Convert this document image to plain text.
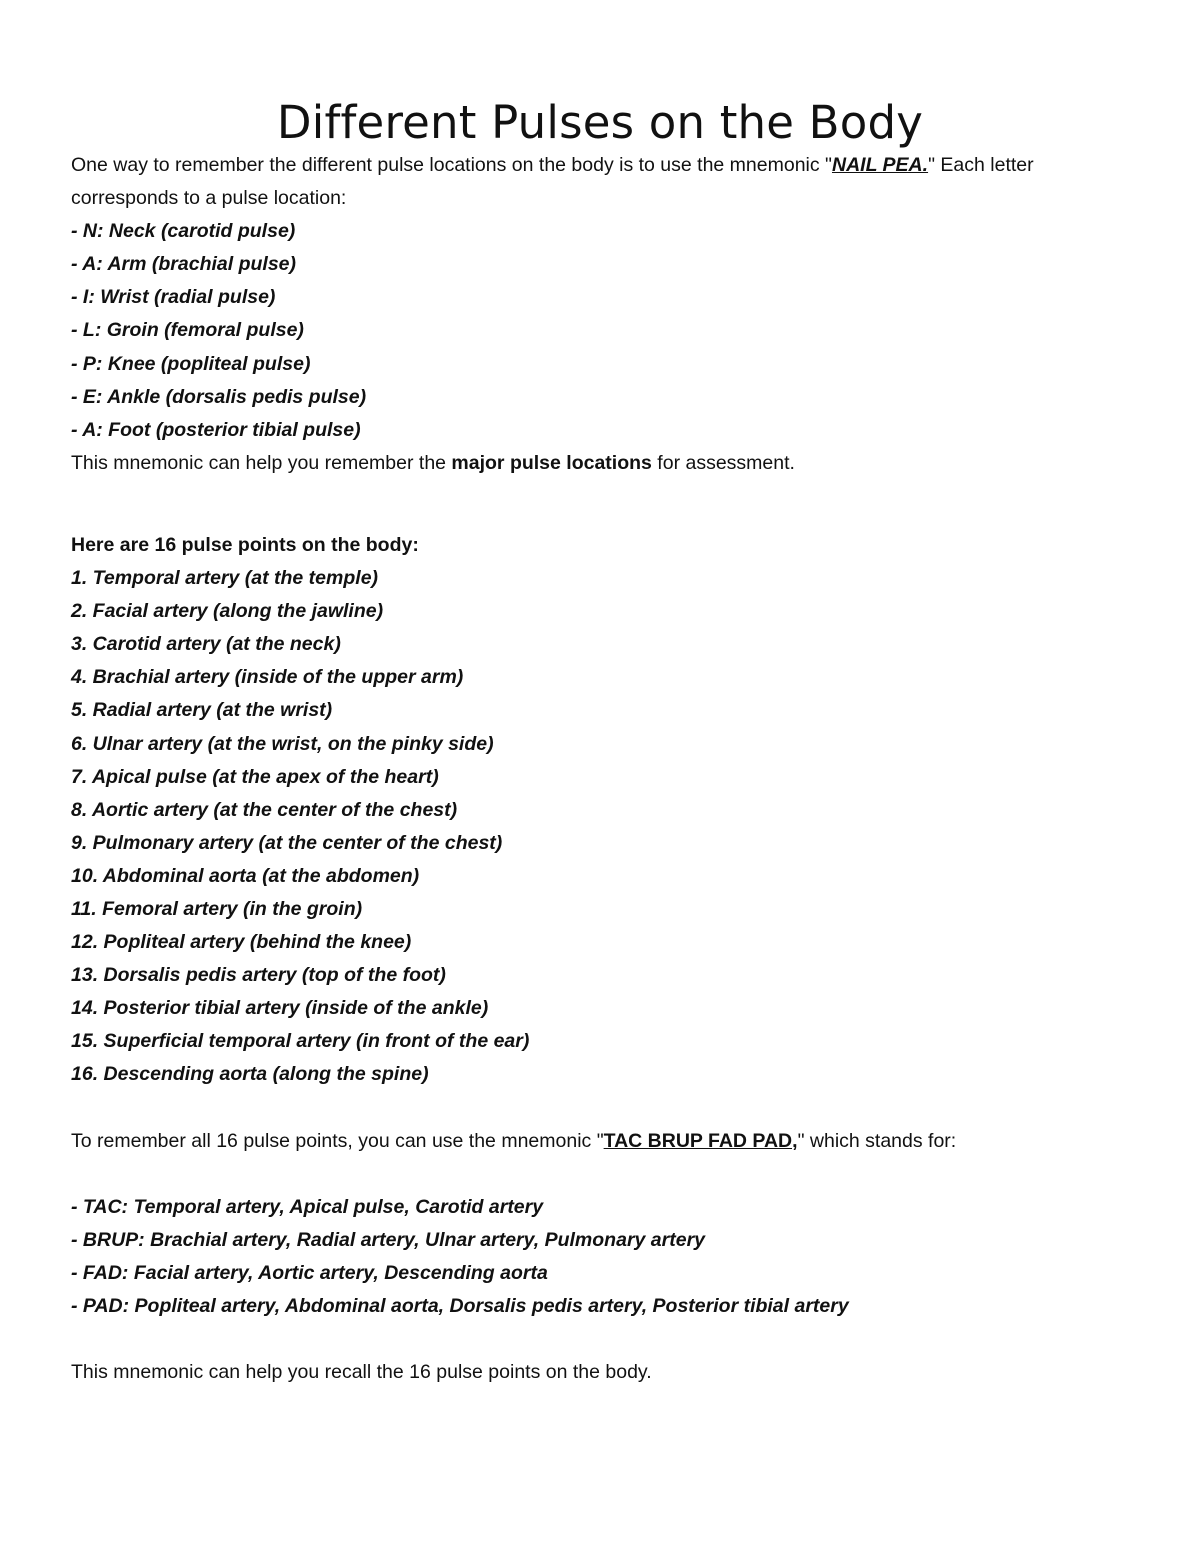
Different Pulses on the Body
One way to remember the different pulse locations on the body is to use the mnemonic "NAIL PEA." Each letter corresponds to a pulse location:
- N: Neck (carotid pulse)
- A: Arm (brachial pulse)
- I: Wrist (radial pulse)
- L: Groin (femoral pulse)
- P: Knee (popliteal pulse)
- E: Ankle (dorsalis pedis pulse)
- A: Foot (posterior tibial pulse)
This mnemonic can help you remember the major pulse locations for assessment.
Here are 16 pulse points on the body:
1. Temporal artery (at the temple)
2. Facial artery (along the jawline)
3. Carotid artery (at the neck)
4. Brachial artery (inside of the upper arm)
5. Radial artery (at the wrist)
6. Ulnar artery (at the wrist, on the pinky side)
7. Apical pulse (at the apex of the heart)
8. Aortic artery (at the center of the chest)
9. Pulmonary artery (at the center of the chest)
10. Abdominal aorta (at the abdomen)
11. Femoral artery (in the groin)
12. Popliteal artery (behind the knee)
13. Dorsalis pedis artery (top of the foot)
14. Posterior tibial artery (inside of the ankle)
15. Superficial temporal artery (in front of the ear)
16. Descending aorta (along the spine)
To remember all 16 pulse points, you can use the mnemonic "TAC BRUP FAD PAD," which stands for:
- TAC: Temporal artery, Apical pulse, Carotid artery
- BRUP: Brachial artery, Radial artery, Ulnar artery, Pulmonary artery
- FAD: Facial artery, Aortic artery, Descending aorta
- PAD: Popliteal artery, Abdominal aorta, Dorsalis pedis artery, Posterior tibial artery
This mnemonic can help you recall the 16 pulse points on the body.
